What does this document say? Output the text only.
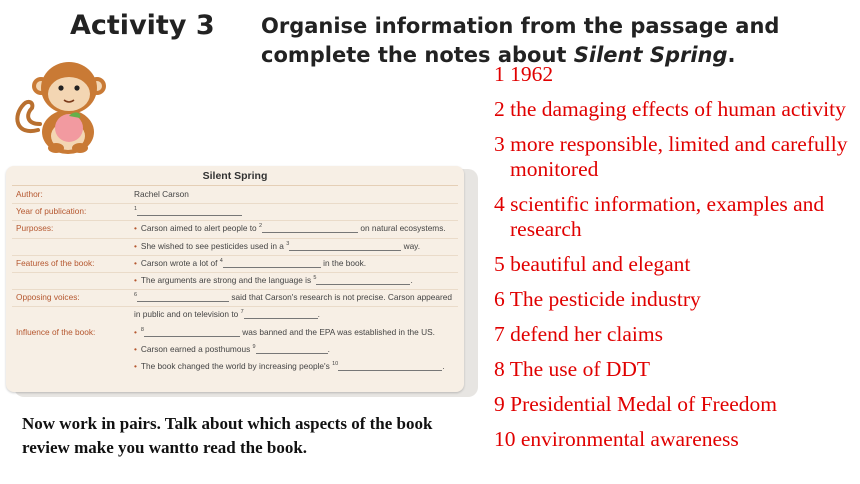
Activity 3 Organise information from the passage and complete the notes about Silent Spring.
Silent Spring
Author:	Rachel Carson
Year of publication:	$^1$
Purposes:	• Carson aimed to alert people to $^2$	on natural ecosystems.
• She wished to see pesticides used in a $^3$	way.
Features of the book:	• Carson wrote a lot of $^4$	in the book.
• The arguments are strong and the language is $^5$	.
Opposing voices:	$^6$	said that Carson's research is not precise. Carson appeared
in public and on television to $^7$	.
Influence of the book:	• $^8$	was banned and the EPA was established in the US.
• Carson earned a posthumous $^9$	.
• The book changed the world by increasing people's $^{10}$	.
Now work in pairs. Talk about which aspects of the book review make you wantto read the book.
1 1962
2 the damaging effects of human activity
3 more responsible, limited and carefully monitored
4 scientific information, examples and research
5 beautiful and elegant
6 The pesticide industry
7 defend her claims
8 The use of DDT
9 Presidential Medal of Freedom
10 environmental awareness
